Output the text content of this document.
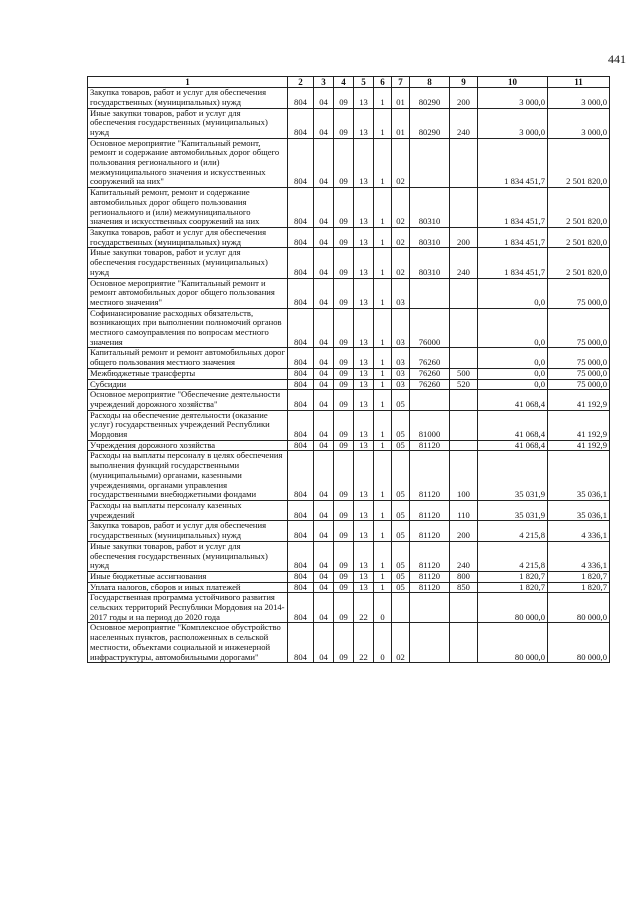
441
1	2	3	4	5	6	7	8	9	10	11
Закупка товаров, работ и услуг для обеспечения государственных (муниципальных) нужд	804	04	09	13	1	01	80290	200	3 000,0	3 000,0
Иные закупки товаров, работ и услуг для обеспечения государственных (муниципальных) нужд	804	04	09	13	1	01	80290	240	3 000,0	3 000,0
Основное мероприятие "Капитальный ремонт, ремонт и содержание автомобильных дорог общего пользования регионального и (или) межмуниципального значения и искусственных сооружений на них"	804	04	09	13	1	02			1 834 451,7	2 501 820,0
Капитальный ремонт, ремонт и содержание автомобильных дорог общего пользования регионального и (или) межмуниципального значения и искусственных сооружений на них	804	04	09	13	1	02	80310		1 834 451,7	2 501 820,0
Закупка товаров, работ и услуг для обеспечения государственных (муниципальных) нужд	804	04	09	13	1	02	80310	200	1 834 451,7	2 501 820,0
Иные закупки товаров, работ и услуг для обеспечения государственных (муниципальных) нужд	804	04	09	13	1	02	80310	240	1 834 451,7	2 501 820,0
Основное мероприятие "Капитальный ремонт и ремонт автомобильных дорог общего пользования местного значения"	804	04	09	13	1	03			0,0	75 000,0
Софинансирование расходных обязательств, возникающих при выполнении полномочий органов местного самоуправления по вопросам местного значения	804	04	09	13	1	03	76000		0,0	75 000,0
Капитальный ремонт и ремонт автомобильных дорог общего пользования местного значения	804	04	09	13	1	03	76260		0,0	75 000,0
Межбюджетные трансферты	804	04	09	13	1	03	76260	500	0,0	75 000,0
Субсидии	804	04	09	13	1	03	76260	520	0,0	75 000,0
Основное мероприятие "Обеспечение деятельности учреждений дорожного хозяйства"	804	04	09	13	1	05			41 068,4	41 192,9
Расходы на обеспечение деятельности (оказание услуг) государственных учреждений Республики Мордовия	804	04	09	13	1	05	81000		41 068,4	41 192,9
Учреждения дорожного хозяйства	804	04	09	13	1	05	81120		41 068,4	41 192,9
Расходы на выплаты персоналу в целях обеспечения выполнения функций государственными (муниципальными) органами, казенными учреждениями, органами управления государственными внебюджетными фондами	804	04	09	13	1	05	81120	100	35 031,9	35 036,1
Расходы на выплаты персоналу казенных учреждений	804	04	09	13	1	05	81120	110	35 031,9	35 036,1
Закупка товаров, работ и услуг для обеспечения государственных (муниципальных) нужд	804	04	09	13	1	05	81120	200	4 215,8	4 336,1
Иные закупки товаров, работ и услуг для обеспечения государственных (муниципальных) нужд	804	04	09	13	1	05	81120	240	4 215,8	4 336,1
Иные бюджетные ассигнования	804	04	09	13	1	05	81120	800	1 820,7	1 820,7
Уплата налогов, сборов и иных платежей	804	04	09	13	1	05	81120	850	1 820,7	1 820,7
Государственная программа устойчивого развития сельских территорий Республики Мордовия на 2014-2017 годы и на период до 2020 года	804	04	09	22	0				80 000,0	80 000,0
Основное мероприятие "Комплексное обустройство населенных пунктов, расположенных в сельской местности, объектами социальной и инженерной инфраструктуры, автомобильными дорогами"	804	04	09	22	0	02			80 000,0	80 000,0
